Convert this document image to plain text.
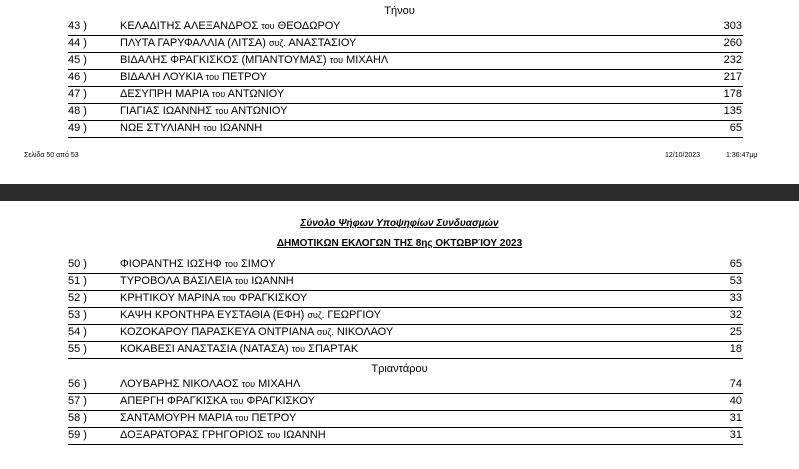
Τήνου
43 )	ΚΕΛΑΔΙΤΗΣ ΑΛΕΞΑΝΔΡΟΣ του ΘΕΟΔΩΡΟΥ	303
44 )	ΠΛΥΤΑ ΓΑΡΥΦΑΛΛΙΑ (ΛΙΤΣΑ) συζ. ΑΝΑΣΤΑΣΙΟΥ	260
45 )	ΒΙΔΑΛΗΣ ΦΡΑΓΚΙΣΚΟΣ (ΜΠΑΝΤΟΥΜΑΣ) του ΜΙΧΑΗΛ	232
46 )	ΒΙΔΑΛΗ ΛΟΥΚΙΑ του ΠΕΤΡΟΥ	217
47 )	ΔΕΣΥΠΡΗ ΜΑΡΙΑ του ΑΝΤΩΝΙΟΥ	178
48 )	ΓΙΑΓΙΑΣ ΙΩΑΝΝΗΣ του ΑΝΤΩΝΙΟΥ	135
49 )	ΝΩΕ ΣΤΥΛΙΑΝΗ του ΙΩΑΝΝΗ	65
Σελίδα 50 από 53	12/10/2023	1:36:47μμ
Σύνολο Ψήφων Υποψηφίων Συνδυασμών
ΔΗΜΟΤΙΚΩΝ ΕΚΛΟΓΩΝ ΤΗΣ 8ης ΟΚΤΩΒΡΊΟΥ 2023
50 )	ΦΙΟΡΑΝΤΗΣ ΙΩΣΗΦ του ΣΙΜΟΥ	65
51 )	ΤΥΡΟΒΟΛΑ ΒΑΣΙΛΕΙΑ του ΙΩΑΝΝΗ	53
52 )	ΚΡΗΤΙΚΟΥ ΜΑΡΙΝΑ του ΦΡΑΓΚΙΣΚΟΥ	33
53 )	ΚΑΨΗ ΚΡΟΝΤΗΡΑ ΕΥΣΤΑΘΙΑ (ΕΦΗ) συζ. ΓΕΩΡΓΙΟΥ	32
54 )	ΚΟΖΟΚΑΡΟΥ ΠΑΡΑΣΚΕΥΑ ΟΝΤΡΙΑΝΑ συζ. ΝΙΚΟΛΑΟΥ	25
55 )	ΚΟΚΑΒΕΣΙ ΑΝΑΣΤΑΣΙΑ (ΝΑΤΑΣΑ) του ΣΠΑΡΤΑΚ	18
Τριαντάρου
56 )	ΛΟΥΒΑΡΗΣ ΝΙΚΟΛΑΟΣ του ΜΙΧΑΗΛ	74
57 )	ΑΠΕΡΓΗ ΦΡΑΓΚΙΣΚΑ του ΦΡΑΓΚΙΣΚΟΥ	40
58 )	ΣΑΝΤΑΜΟΥΡΗ ΜΑΡΙΑ του ΠΕΤΡΟΥ	31
59 )	ΔΟΞΑΡΑΤΟΡΑΣ ΓΡΗΓΟΡΙΟΣ του ΙΩΑΝΝΗ	31
